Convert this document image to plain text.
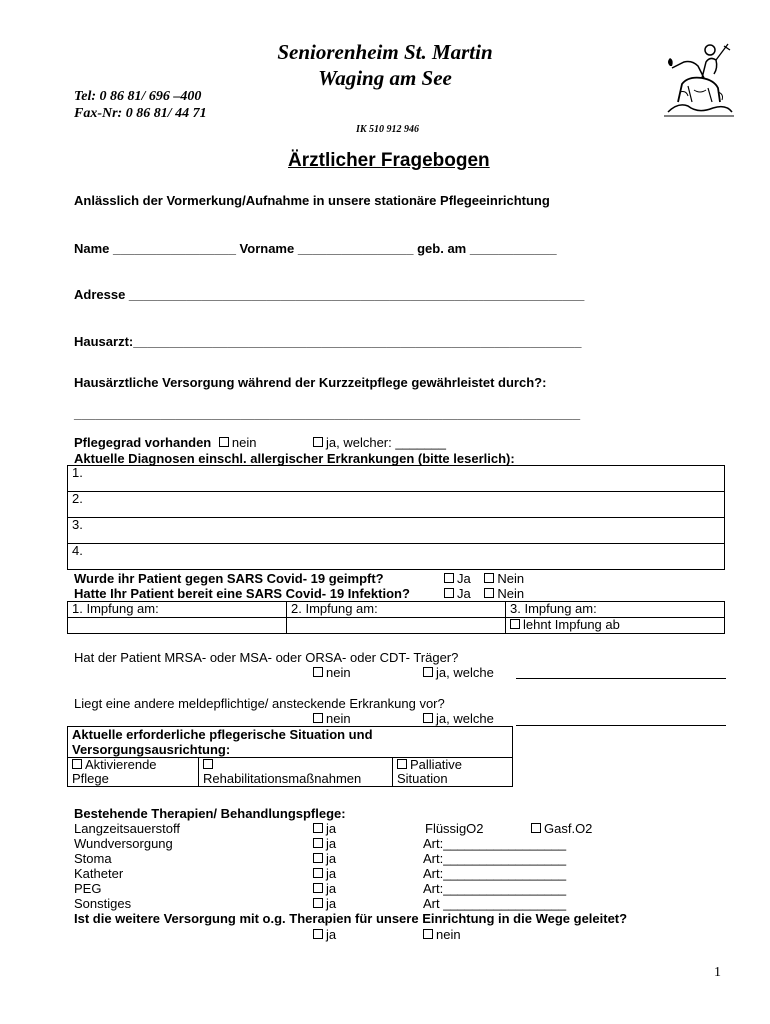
Seniorenheim St. Martin
Waging am See
Tel: 0 86 81/ 696 –400
Fax-Nr: 0 86 81/ 44 71
IK 510 912 946
Ärztlicher Fragebogen
Anlässlich der Vormerkung/Aufnahme in unsere stationäre Pflegeeinrichtung
Name _________________ Vorname ________________ geb. am ____________
Adresse _______________________________________________________________
Hausarzt:______________________________________________________________
Hausärztliche Versorgung während der Kurzzeitpflege gewährleistet durch?:
______________________________________________________________________
Pflegegrad vorhanden nein	ja, welcher: _______
Aktuelle Diagnosen einschl. allergischer Erkrankungen (bitte leserlich):
1.
2.
3.
4.
Wurde ihr Patient gegen SARS Covid- 19 geimpft?	Ja Nein
Hatte Ihr Patient bereit eine SARS Covid- 19 Infektion?	Ja Nein
1. Impfung am:	2. Impfung am:	3. Impfung am:
		lehnt Impfung ab
Hat der Patient MRSA- oder MSA- oder ORSA- oder CDT- Träger?
nein	ja, welche
Liegt eine andere meldepflichtige/ ansteckende Erkrankung vor?
nein	ja, welche
Aktuelle erforderliche pflegerische Situation und
Versorgungsausrichtung:

Aktivierende
Pflege	Rehabilitationsmaßnahmen	Palliative
Situation
Bestehende Therapien/ Behandlungspflege:
Langzeitsauerstoff	ja	FlüssigO2	Gasf.O2
Wundversorgung	ja	Art:_________________
Stoma	ja	Art:_________________
Katheter	ja	Art:_________________
PEG	ja	Art:_________________
Sonstiges	ja	Art _________________
Ist die weitere Versorgung mit o.g. Therapien für unsere Einrichtung in die Wege geleitet?
ja	nein
1
